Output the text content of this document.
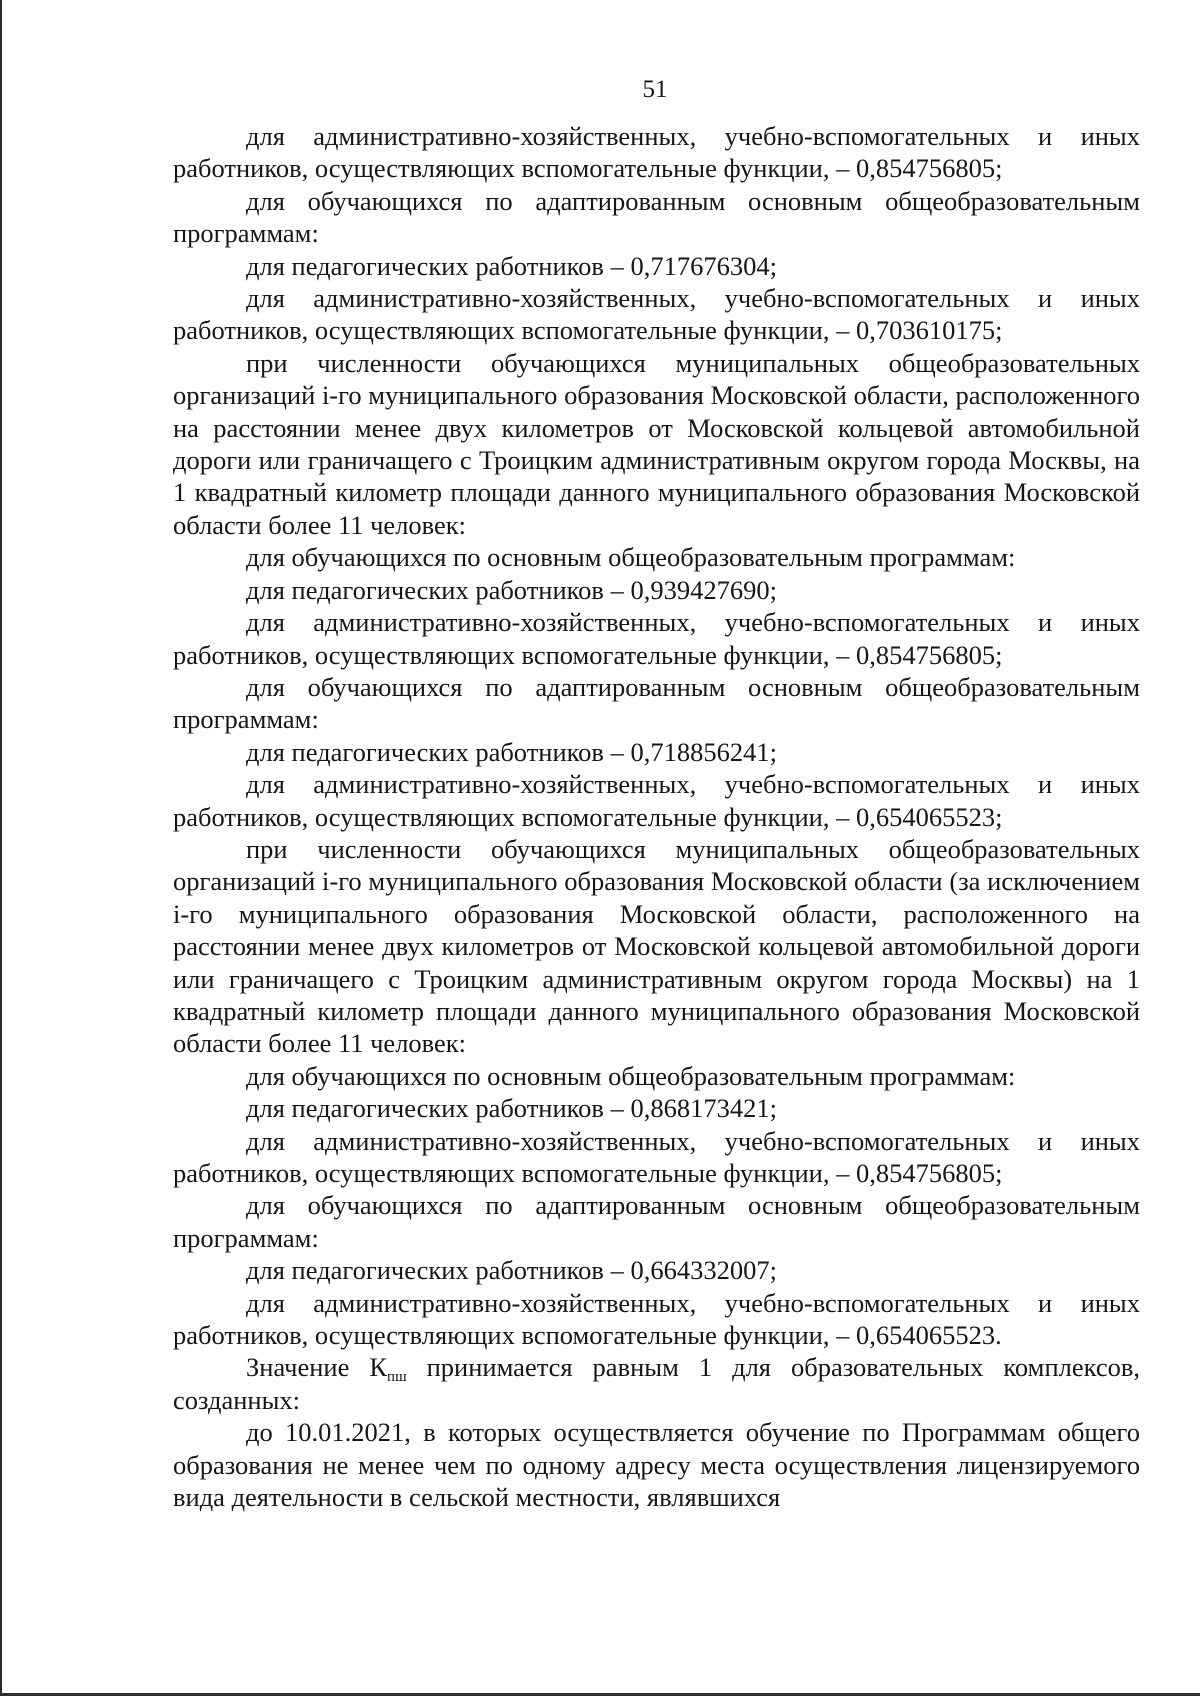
51

для административно-хозяйственных, учебно-вспомогательных и иных работников, осуществляющих вспомогательные функции, – 0,854756805;

для обучающихся по адаптированным основным общеобразовательным программам:

для педагогических работников – 0,717676304;

для административно-хозяйственных, учебно-вспомогательных и иных работников, осуществляющих вспомогательные функции, – 0,703610175;

при численности обучающихся муниципальных общеобразовательных организаций i-го муниципального образования Московской области, расположенного на расстоянии менее двух километров от Московской кольцевой автомобильной дороги или граничащего с Троицким административным округом города Москвы, на 1 квадратный километр площади данного муниципального образования Московской области более 11 человек:

для обучающихся по основным общеобразовательным программам:

для педагогических работников – 0,939427690;

для административно-хозяйственных, учебно-вспомогательных и иных работников, осуществляющих вспомогательные функции, – 0,854756805;

для обучающихся по адаптированным основным общеобразовательным программам:

для педагогических работников – 0,718856241;

для административно-хозяйственных, учебно-вспомогательных и иных работников, осуществляющих вспомогательные функции, – 0,654065523;

при численности обучающихся муниципальных общеобразовательных организаций i-го муниципального образования Московской области (за исключением i-го муниципального образования Московской области, расположенного на расстоянии менее двух километров от Московской кольцевой автомобильной дороги или граничащего с Троицким административным округом города Москвы) на 1 квадратный километр площади данного муниципального образования Московской области более 11 человек:

для обучающихся по основным общеобразовательным программам:

для педагогических работников – 0,868173421;

для административно-хозяйственных, учебно-вспомогательных и иных работников, осуществляющих вспомогательные функции, – 0,854756805;

для обучающихся по адаптированным основным общеобразовательным программам:

для педагогических работников – 0,664332007;

для административно-хозяйственных, учебно-вспомогательных и иных работников, осуществляющих вспомогательные функции, – 0,654065523.

Значение $К_{пш}$ принимается равным 1 для образовательных комплексов, созданных:

до 10.01.2021, в которых осуществляется обучение по Программам общего образования не менее чем по одному адресу места осуществления лицензируемого вида деятельности в сельской местности, являвшихся
